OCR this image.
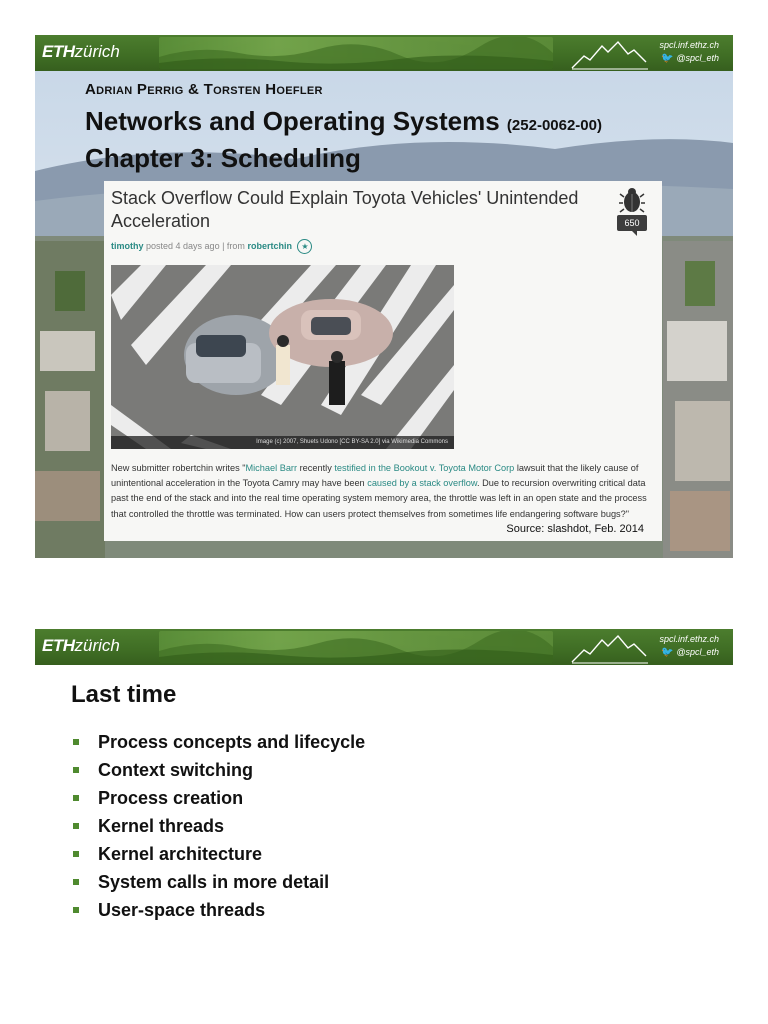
ETHzürich	spcl.inf.ethz.ch
🐦 @spcl_eth
Adrian Perrig & Torsten Hoefler
Networks and Operating Systems (252-0062-00)
Chapter 3: Scheduling
Stack Overflow Could Explain Toyota Vehicles' Unintended Acceleration	650
timothy posted 4 days ago | from robertchin ★
Image (c) 2007, Shuets Udono [CC BY-SA 2.0] via Wikimedia Commons
New submitter robertchin writes "Michael Barr recently testified in the Bookout v. Toyota Motor Corp lawsuit that the likely cause of unintentional acceleration in the Toyota Camry may have been caused by a stack overflow. Due to recursion overwriting critical data past the end of the stack and into the real time operating system memory area, the throttle was left in an open state and the process that controlled the throttle was terminated. How can users protect themselves from sometimes life endangering software bugs?"
Source: slashdot, Feb. 2014
ETHzürich	spcl.inf.ethz.ch
🐦 @spcl_eth
Last time
Process concepts and lifecycle
Context switching
Process creation
Kernel threads
Kernel architecture
System calls in more detail
User-space threads
